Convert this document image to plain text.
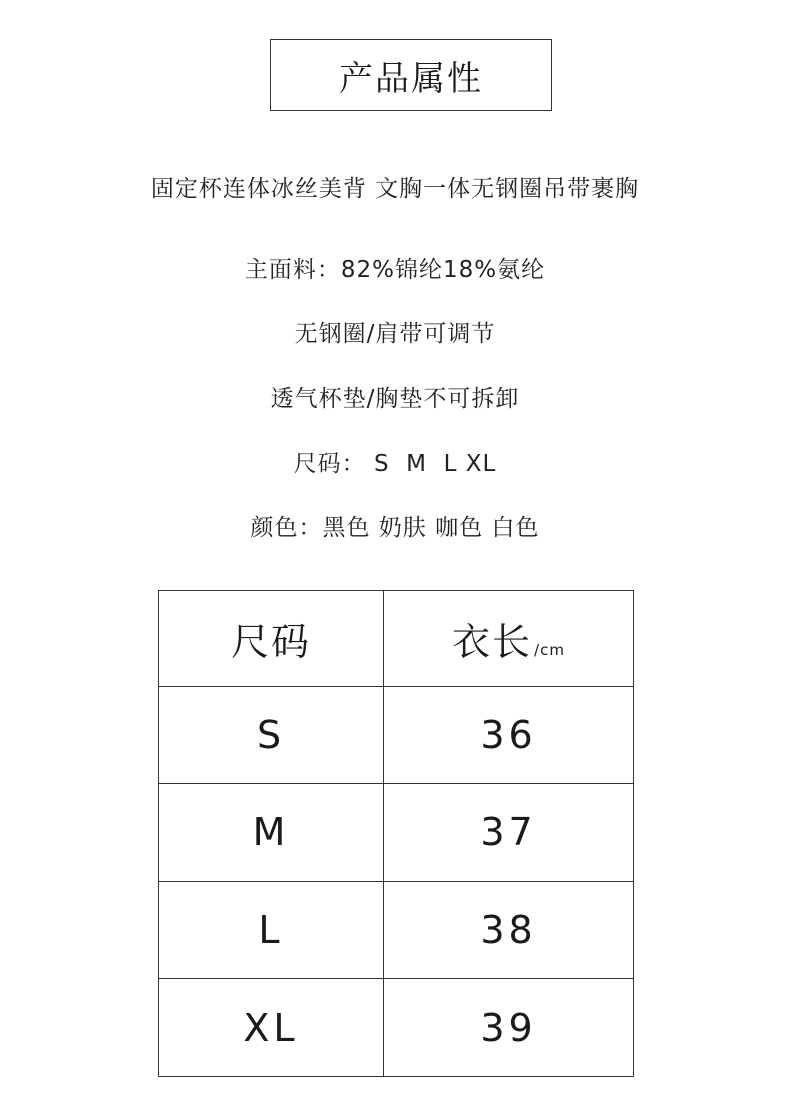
产品属性
固定杯连体冰丝美背 文胸一体无钢圈吊带裹胸
主面料：82%锦纶18%氨纶
无钢圈/肩带可调节
透气杯垫/胸垫不可拆卸
尺码： S  M  L XL
颜色：黑色 奶肤 咖色 白色
尺码	衣长 /cm
S	36
M	37
L	38
XL	39
